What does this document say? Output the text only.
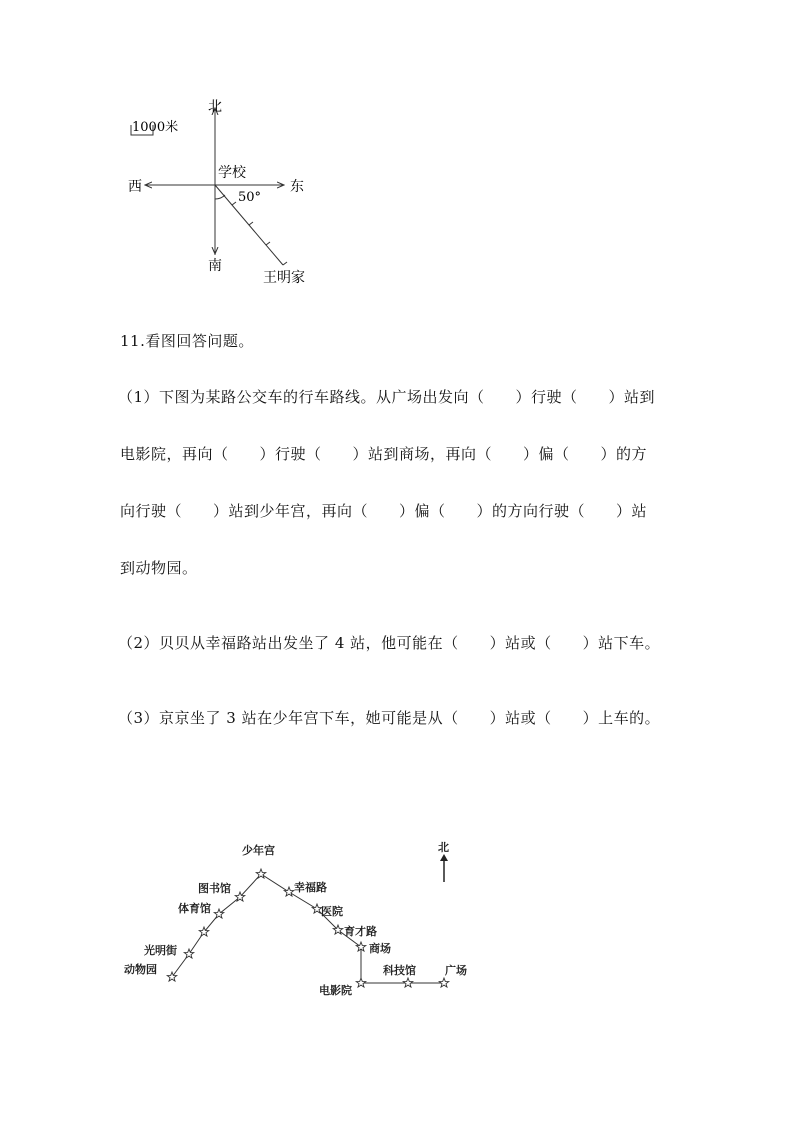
1000米
北
南
西	东
学校
50°
王明家
11.看图回答问题。
（1）下图为某路公交车的行车路线。从广场出发向（　　）行驶（　　）站到
电影院，再向（　　）行驶（　　）站到商场，再向（　　）偏（　　）的方
向行驶（　　）站到少年宫，再向（　　）偏（　　）的方向行驶（　　）站
到动物园。
（2）贝贝从幸福路站出发坐了 4 站，他可能在（　　）站或（　　）站下车。
（3）京京坐了 3 站在少年宫下车，她可能是从（　　）站或（　　）上车的。
少年宫
图书馆
体育馆
光明街
动物园
幸福路
医院
育才路
商场
科技馆	广场
电影院
北
